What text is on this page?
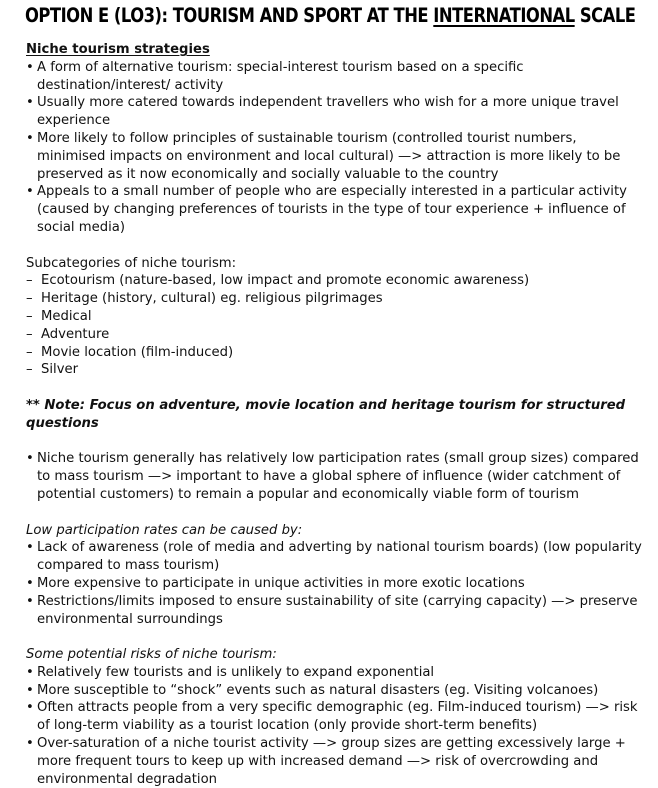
OPTION E (LO3): TOURISM AND SPORT AT THE INTERNATIONAL SCALE

Niche tourism strategies

• A form of alternative tourism: special-interest tourism based on a specific destination/interest/ activity
• Usually more catered towards independent travellers who wish for a more unique travel experience
• More likely to follow principles of sustainable tourism (controlled tourist numbers, minimised impacts on environment and local cultural) —> attraction is more likely to be preserved as it now economically and socially valuable to the country
• Appeals to a small number of people who are especially interested in a particular activity (caused by changing preferences of tourists in the type of tour experience + influence of social media)

Subcategories of niche tourism:

– Ecotourism (nature-based, low impact and promote economic awareness)
– Heritage (history, cultural) eg. religious pilgrimages
– Medical
– Adventure
– Movie location (film-induced)
– Silver

** Note: Focus on adventure, movie location and heritage tourism for structured questions

• Niche tourism generally has relatively low participation rates (small group sizes) compared to mass tourism —> important to have a global sphere of influence (wider catchment of potential customers) to remain a popular and economically viable form of tourism

Low participation rates can be caused by:

• Lack of awareness (role of media and adverting by national tourism boards) (low popularity compared to mass tourism)
• More expensive to participate in unique activities in more exotic locations
• Restrictions/limits imposed to ensure sustainability of site (carrying capacity) —> preserve environmental surroundings

Some potential risks of niche tourism:

• Relatively few tourists and is unlikely to expand exponential
• More susceptible to “shock” events such as natural disasters (eg. Visiting volcanoes)
• Often attracts people from a very specific demographic (eg. Film-induced tourism) —> risk of long-term viability as a tourist location (only provide short-term benefits)
• Over-saturation of a niche tourist activity —> group sizes are getting excessively large + more frequent tours to keep up with increased demand —> risk of overcrowding and environmental degradation
